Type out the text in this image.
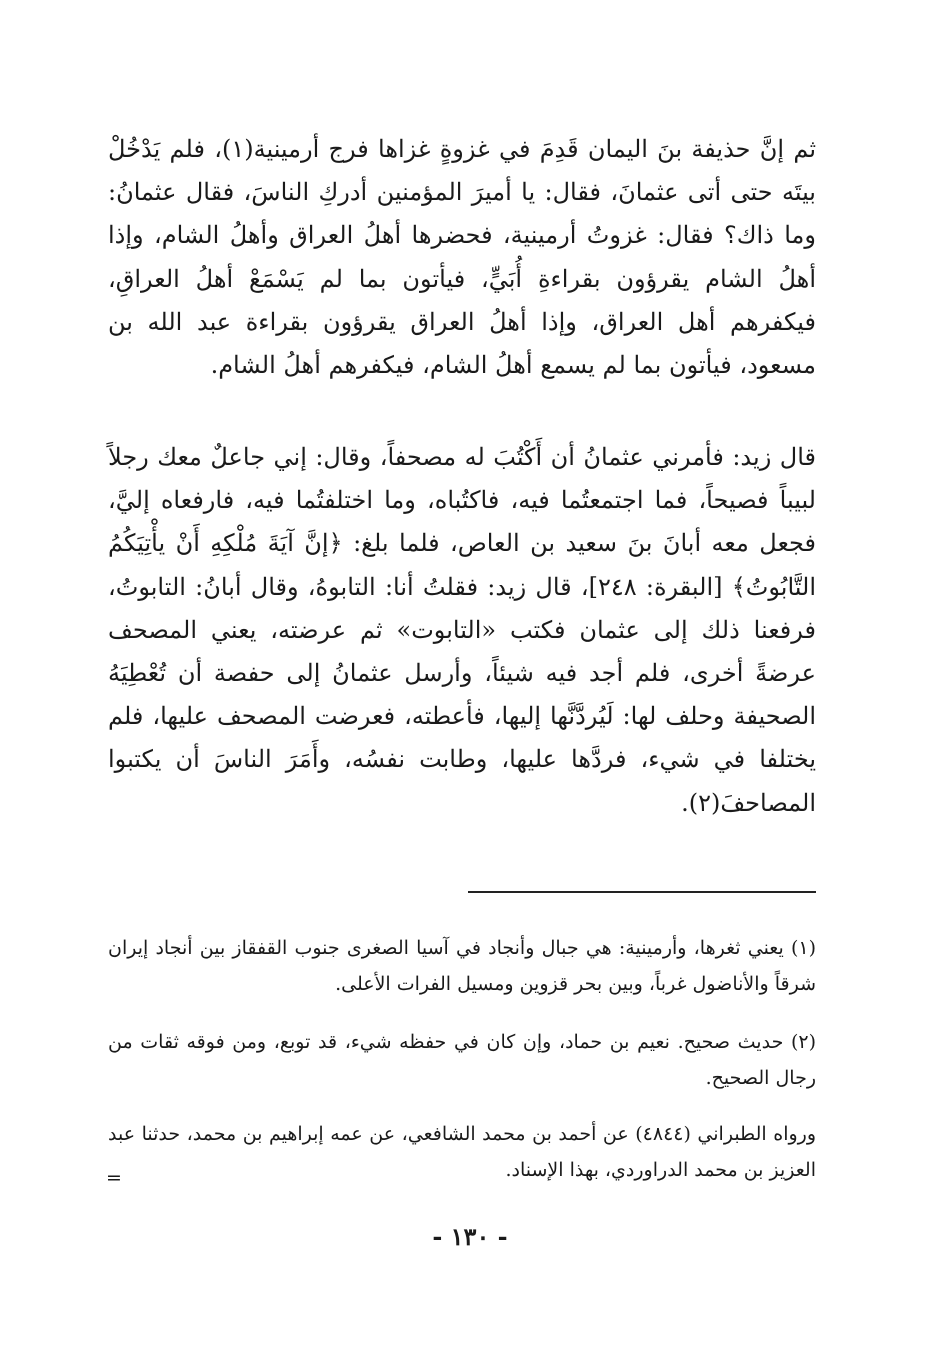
ثم إنَّ حذيفة بنَ اليمان قَدِمَ في غزوةٍ غزاها فرج أرمينية(١)، فلم يَدْخُلْ بيتَه حتى أتى عثمانَ، فقال: يا أميرَ المؤمنين أدركِ الناسَ، فقال عثمانُ: وما ذاك؟ فقال: غزوتُ أرمينية، فحضرها أهلُ العراق وأهلُ الشام، وإذا أهلُ الشام يقرؤون بقراءةِ أُبَيٍّ، فيأتون بما لم يَسْمَعْ أهلُ العراقِ، فيكفرهم أهل العراق، وإذا أهلُ العراق يقرؤون بقراءة عبد الله بن مسعود، فيأتون بما لم يسمع أهلُ الشام، فيكفرهم أهلُ الشام.

قال زيد: فأمرني عثمانُ أن أَكْتُبَ له مصحفاً، وقال: إني جاعلٌ معك رجلاً لبيباً فصيحاً، فما اجتمعتُما فيه، فاكتُباه، وما اختلفتُما فيه، فارفعاه إليَّ، فجعل معه أبانَ بنَ سعيد بن العاص، فلما بلغ: ﴿إنَّ آيَةَ مُلْكِهِ أَنْ يأْتِيَكُمُ التَّابُوتُ﴾ [البقرة: ٢٤٨]، قال زيد: فقلتُ أنا: التابوهُ، وقال أبانُ: التابوتُ، فرفعنا ذلك إلى عثمان فكتب «التابوت» ثم عرضته، يعني المصحف عرضةً أخرى، فلم أجد فيه شيئاً، وأرسل عثمانُ إلى حفصة أن تُعْطِيَهُ الصحيفة وحلف لها: لَيُردَّنَّها إليها، فأعطته، فعرضت المصحف عليها، فلم يختلفا في شيء، فردَّها عليها، وطابت نفسُه، وأَمَرَ الناسَ أن يكتبوا المصاحفَ(٢).

(١) يعني ثغرها، وأرمينية: هي جبال وأنجاد في آسيا الصغرى جنوب القفقاز بين أنجاد إيران شرقاً والأناضول غرباً، وبين بحر قزوين ومسيل الفرات الأعلى.

(٢) حديث صحيح. نعيم بن حماد، وإن كان في حفظه شيء، قد توبع، ومن فوقه ثقات من رجال الصحيح.

ورواه الطبراني (٤٨٤٤) عن أحمد بن محمد الشافعي، عن عمه إبراهيم بن محمد، حدثنا عبد العزيز بن محمد الدراوردي، بهذا الإسناد.

=
- ١٣٠ -
